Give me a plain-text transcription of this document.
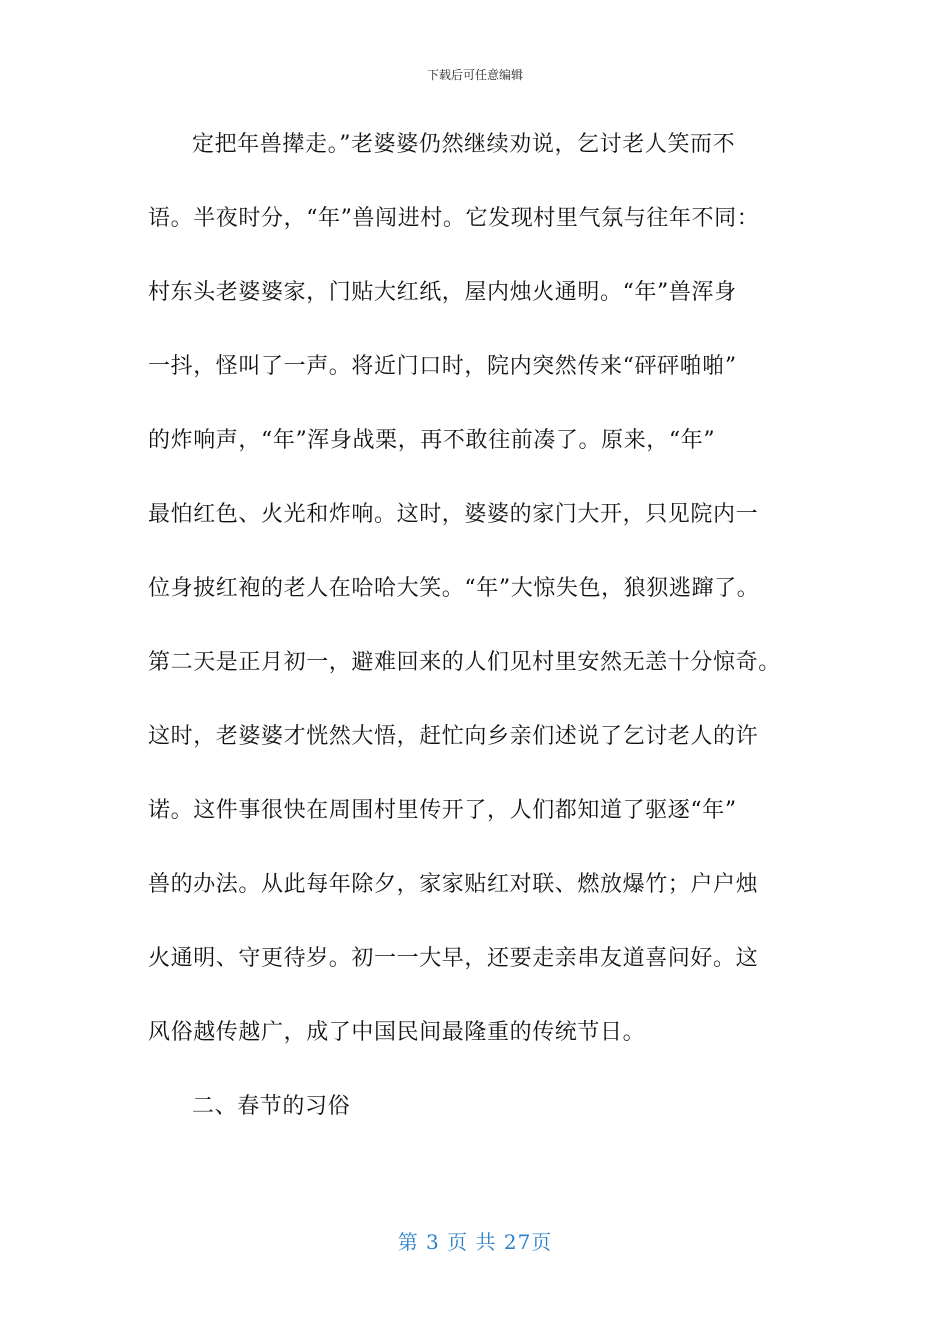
下载后可任意编辑
定把年兽撵走。”老婆婆仍然继续劝说，乞讨老人笑而不
语。半夜时分，“年”兽闯进村。它发现村里气氛与往年不同：
村东头老婆婆家，门贴大红纸，屋内烛火通明。“年”兽浑身
一抖，怪叫了一声。将近门口时，院内突然传来“砰砰啪啪”
的炸响声，“年”浑身战栗，再不敢往前凑了。原来，“年”
最怕红色、火光和炸响。这时，婆婆的家门大开，只见院内一
位身披红袍的老人在哈哈大笑。“年”大惊失色，狼狈逃蹿了。
第二天是正月初一，避难回来的人们见村里安然无恙十分惊奇。
这时，老婆婆才恍然大悟，赶忙向乡亲们述说了乞讨老人的许
诺。这件事很快在周围村里传开了，人们都知道了驱逐“年”
兽的办法。从此每年除夕，家家贴红对联、燃放爆竹；户户烛
火通明、守更待岁。初一一大早，还要走亲串友道喜问好。这
风俗越传越广，成了中国民间最隆重的传统节日。
二、春节的习俗
第 3 页 共 27页
